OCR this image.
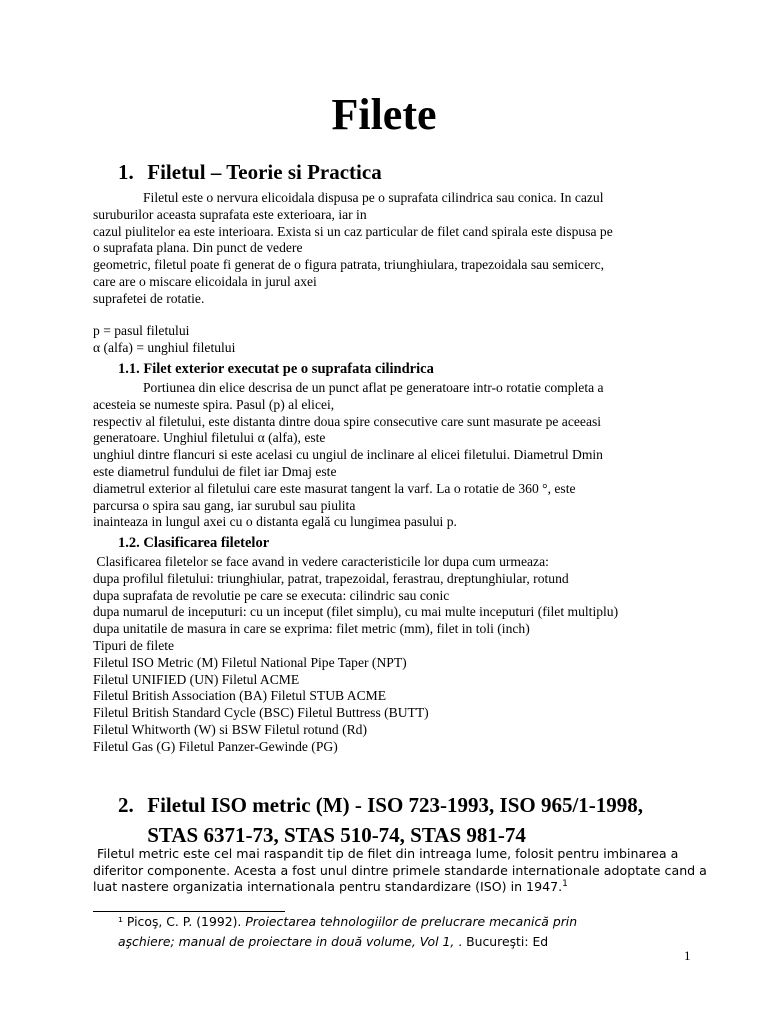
Filete
1. Filetul – Teorie si Practica
Filetul este o nervura elicoidala dispusa pe o suprafata cilindrica sau conica. In cazul
suruburilor aceasta suprafata este exterioara, iar in
cazul piulitelor ea este interioara. Exista si un caz particular de filet cand spirala este dispusa pe
o suprafata plana. Din punct de vedere
geometric, filetul poate fi generat de o figura patrata, triunghiulara, trapezoidala sau semicerc,
care are o miscare elicoidala in jurul axei
suprafetei de rotatie.
p = pasul filetului
α (alfa) = unghiul filetului
1.1. Filet exterior executat pe o suprafata cilindrica
Portiunea din elice descrisa de un punct aflat pe generatoare intr-o rotatie completa a
acesteia se numeste spira. Pasul (p) al elicei,
respectiv al filetului, este distanta dintre doua spire consecutive care sunt masurate pe aceeasi
generatoare. Unghiul filetului α (alfa), este
unghiul dintre flancuri si este acelasi cu ungiul de inclinare al elicei filetului. Diametrul Dmin
este diametrul fundului de filet iar Dmaj este
diametrul exterior al filetului care este masurat tangent la varf. La o rotatie de 360 °, este
parcursa o spira sau gang, iar surubul sau piulita
inainteaza in lungul axei cu o distanta egală cu lungimea pasului p.
1.2. Clasificarea filetelor
Clasificarea filetelor se face avand in vedere caracteristicile lor dupa cum urmeaza:
dupa profilul filetului: triunghiular, patrat, trapezoidal, ferastrau, dreptunghiular, rotund
dupa suprafata de revolutie pe care se executa: cilindric sau conic
dupa numarul de inceputuri: cu un inceput (filet simplu), cu mai multe inceputuri (filet multiplu)
dupa unitatile de masura in care se exprima: filet metric (mm), filet in toli (inch)
Tipuri de filete
Filetul ISO Metric (M) Filetul National Pipe Taper (NPT)
Filetul UNIFIED (UN) Filetul ACME
Filetul British Association (BA) Filetul STUB ACME
Filetul British Standard Cycle (BSC) Filetul Buttress (BUTT)
Filetul Whitworth (W) si BSW Filetul rotund (Rd)
Filetul Gas (G) Filetul Panzer-Gewinde (PG)
2. Filetul ISO metric (M) - ISO 723-1993, ISO 965/1-1998,
STAS 6371-73, STAS 510-74, STAS 981-74
Filetul metric este cel mai raspandit tip de filet din intreaga lume, folosit pentru imbinarea a
diferitor componente. Acesta a fost unul dintre primele standarde internationale adoptate cand a
luat nastere organizatia internationala pentru standardizare (ISO) in 1947.$^1$
¹ Picoş, C. P. (1992). Proiectarea tehnologiilor de prelucrare mecanică prin
aşchiere; manual de proiectare in două volume, Vol 1, . Bucureşti: Ed
1
